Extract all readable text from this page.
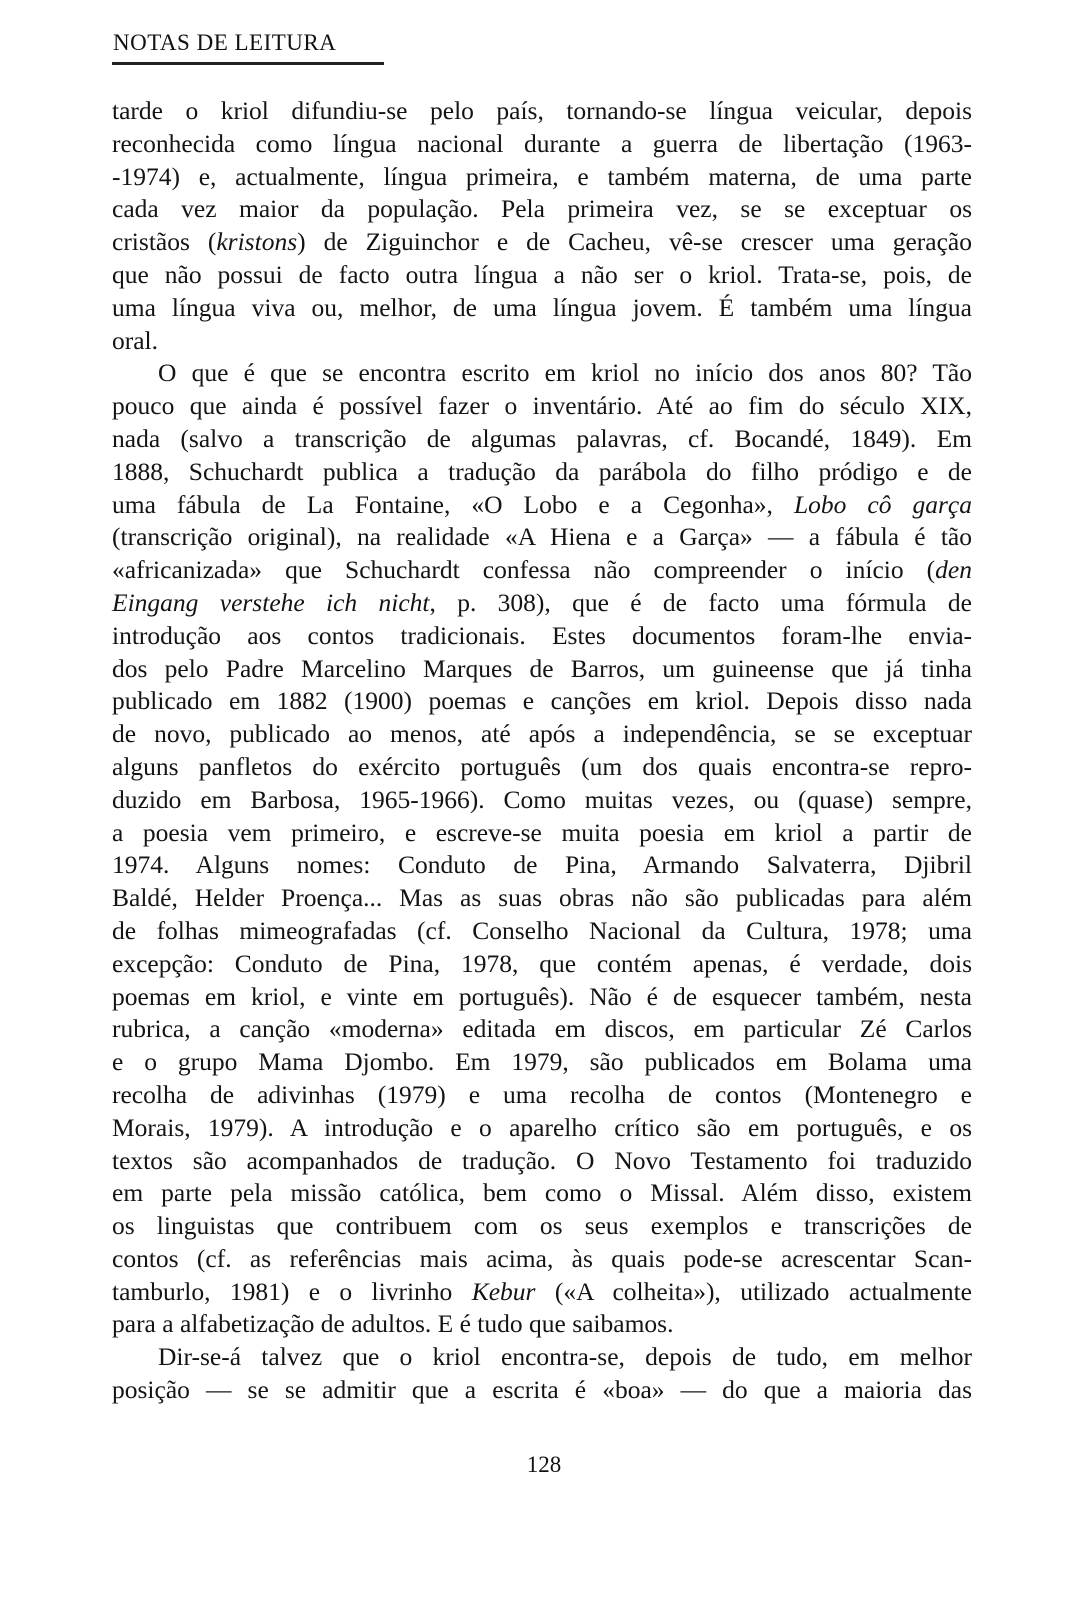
NOTAS DE LEITURA
tarde o kriol difundiu-se pelo país, tornando-se língua veicular, depois
reconhecida como língua nacional durante a guerra de libertação (1963-
-1974) e, actualmente, língua primeira, e também materna, de uma parte
cada vez maior da população. Pela primeira vez, se se exceptuar os
cristãos (kristons) de Ziguinchor e de Cacheu, vê-se crescer uma geração
que não possui de facto outra língua a não ser o kriol. Trata-se, pois, de
uma língua viva ou, melhor, de uma língua jovem. É também uma língua
oral.
O que é que se encontra escrito em kriol no início dos anos 80? Tão
pouco que ainda é possível fazer o inventário. Até ao fim do século XIX,
nada (salvo a transcrição de algumas palavras, cf. Bocandé, 1849). Em
1888, Schuchardt publica a tradução da parábola do filho pródigo e de
uma fábula de La Fontaine, «O Lobo e a Cegonha», Lobo cô garça
(transcrição original), na realidade «A Hiena e a Garça» — a fábula é tão
«africanizada» que Schuchardt confessa não compreender o início (den
Eingang verstehe ich nicht, p. 308), que é de facto uma fórmula de
introdução aos contos tradicionais. Estes documentos foram-lhe envia-
dos pelo Padre Marcelino Marques de Barros, um guineense que já tinha
publicado em 1882 (1900) poemas e canções em kriol. Depois disso nada
de novo, publicado ao menos, até após a independência, se se exceptuar
alguns panfletos do exército português (um dos quais encontra-se repro-
duzido em Barbosa, 1965-1966). Como muitas vezes, ou (quase) sempre,
a poesia vem primeiro, e escreve-se muita poesia em kriol a partir de
1974. Alguns nomes: Conduto de Pina, Armando Salvaterra, Djibril
Baldé, Helder Proença... Mas as suas obras não são publicadas para além
de folhas mimeografadas (cf. Conselho Nacional da Cultura, 1978; uma
excepção: Conduto de Pina, 1978, que contém apenas, é verdade, dois
poemas em kriol, e vinte em português). Não é de esquecer também, nesta
rubrica, a canção «moderna» editada em discos, em particular Zé Carlos
e o grupo Mama Djombo. Em 1979, são publicados em Bolama uma
recolha de adivinhas (1979) e uma recolha de contos (Montenegro e
Morais, 1979). A introdução e o aparelho crítico são em português, e os
textos são acompanhados de tradução. O Novo Testamento foi traduzido
em parte pela missão católica, bem como o Missal. Além disso, existem
os linguistas que contribuem com os seus exemplos e transcrições de
contos (cf. as referências mais acima, às quais pode-se acrescentar Scan-
tamburlo, 1981) e o livrinho Kebur («A colheita»), utilizado actualmente
para a alfabetização de adultos. E é tudo que saibamos.
Dir-se-á talvez que o kriol encontra-se, depois de tudo, em melhor
posição — se se admitir que a escrita é «boa» — do que a maioria das
128
